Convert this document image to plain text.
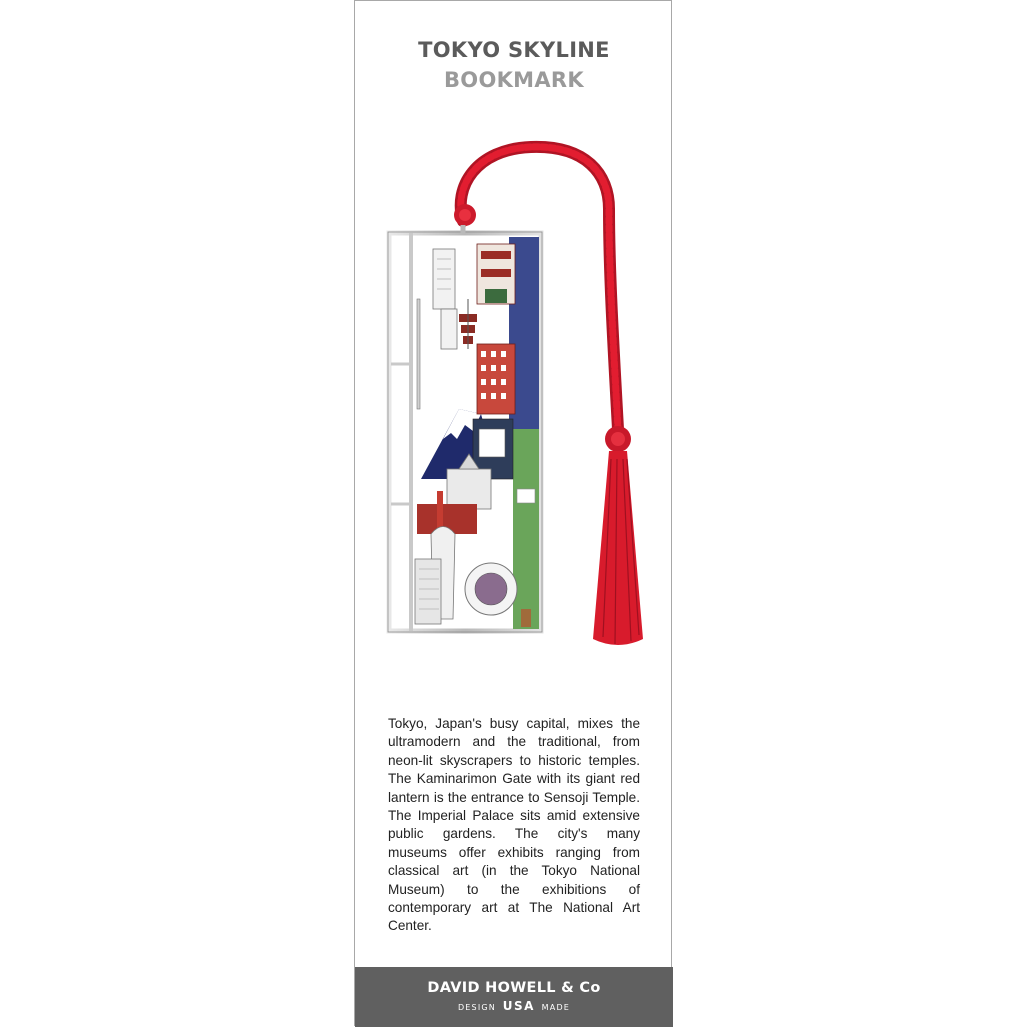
TOKYO SKYLINE
BOOKMARK
Tokyo, Japan's busy capital, mixes the ultramodern and the traditional, from neon-lit skyscrapers to historic temples. The Kaminarimon Gate with its giant red lantern is the entrance to Sensoji Temple. The Imperial Palace sits amid extensive public gardens. The city's many museums offer exhibits ranging from classical art (in the Tokyo National Museum) to the exhibitions of contemporary art at The National Art Center.
DAVID HOWELL & Co
DESIGN USA MADE
